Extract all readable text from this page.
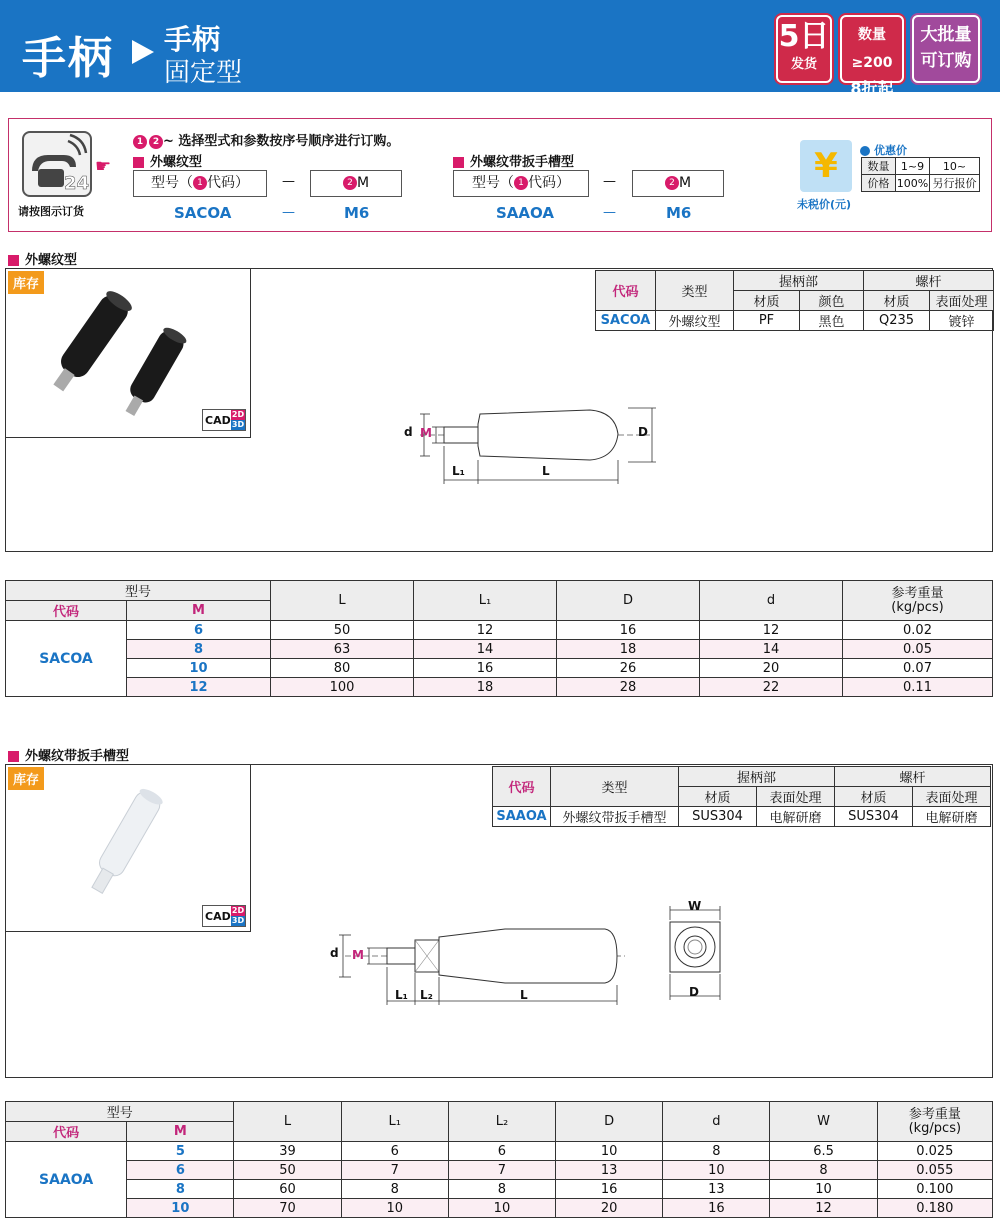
手柄 手柄
固定型
5日
发货
数量≥200
8折起
大批量
可订购
24
请按图示订货
☛
1 2 ~ 选择型式和参数按序号顺序进行订购。
外螺纹型	外螺纹带扳手槽型
型号（ 1 代码）	—	2 M
SACOA	—	M6
型号（ 1 代码）	—	2 M
SAAOA	—	M6
¥
未税价(元)
优惠价
数量	1~9	10~
价格	100%	另行报价
外螺纹型
库存
CAD 2D
3D
代码	类型	握柄部		螺杆	
		材质	颜色	材质	表面处理
SACOA	外螺纹型	PF	黑色	Q235	镀锌
d M	D
L₁	L
型号		L	L₁	D	d	参考重量
(kg/pcs)
代码	M					
SACOA	6	50	12	16	12	0.02
	8	63	14	18	14	0.05
	10	80	16	26	20	0.07
	12	100	18	28	22	0.11
外螺纹带扳手槽型
库存
CAD 2D
3D
代码	类型	握柄部		螺杆	
		材质	表面处理	材质	表面处理
SAAOA	外螺纹带扳手槽型	SUS304	电解研磨	SUS304	电解研磨
d M
L₁ L₂	L
W
D
型号		L	L₁	L₂	D	d	W	参考重量
(kg/pcs)
代码	M							
SAAOA	5	39	6	6	10	8	6.5	0.025
	6	50	7	7	13	10	8	0.055
	8	60	8	8	16	13	10	0.100
	10	70	10	10	20	16	12	0.180
